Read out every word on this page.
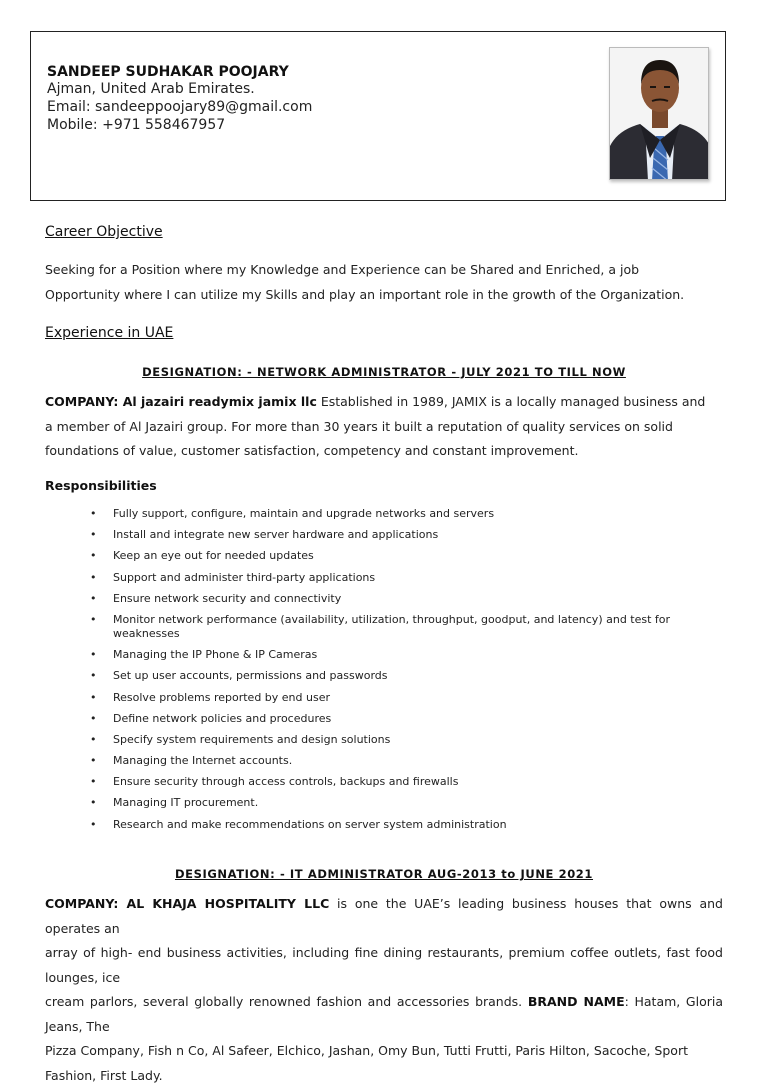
SANDEEP SUDHAKAR POOJARY
Ajman, United Arab Emirates.
Email: sandeeppoojary89@gmail.com
Mobile: +971 558467957
Career Objective
Seeking for a Position where my Knowledge and Experience can be Shared and Enriched, a job
Opportunity where I can utilize my Skills and play an important role in the growth of the Organization.
Experience in UAE
DESIGNATION: - NETWORK ADMINISTRATOR - JULY 2021 TO TILL NOW
COMPANY: Al jazairi readymix jamix llc Established in 1989, JAMIX is a locally managed business and
a member of Al Jazairi group. For more than 30 years it built a reputation of quality services on solid
foundations of value, customer satisfaction, competency and constant improvement.
Responsibilities
• Fully support, configure, maintain and upgrade networks and servers
• Install and integrate new server hardware and applications
• Keep an eye out for needed updates
• Support and administer third-party applications
• Ensure network security and connectivity
• Monitor network performance (availability, utilization, throughput, goodput, and latency) and test for weaknesses
• Managing the IP Phone & IP Cameras
• Set up user accounts, permissions and passwords
• Resolve problems reported by end user
• Define network policies and procedures
• Specify system requirements and design solutions
• Managing the Internet accounts.
• Ensure security through access controls, backups and firewalls
• Managing IT procurement.
• Research and make recommendations on server system administration
DESIGNATION: - IT ADMINISTRATOR AUG-2013 to JUNE 2021
COMPANY: AL KHAJA HOSPITALITY LLC is one the UAE’s leading business houses that owns and operates an
array of high- end business activities, including fine dining restaurants, premium coffee outlets, fast food lounges, ice
cream parlors, several globally renowned fashion and accessories brands. BRAND NAME: Hatam, Gloria Jeans, The
Pizza Company, Fish n Co, Al Safeer, Elchico, Jashan, Omy Bun, Tutti Frutti, Paris Hilton, Sacoche, Sport
Fashion, First Lady.
